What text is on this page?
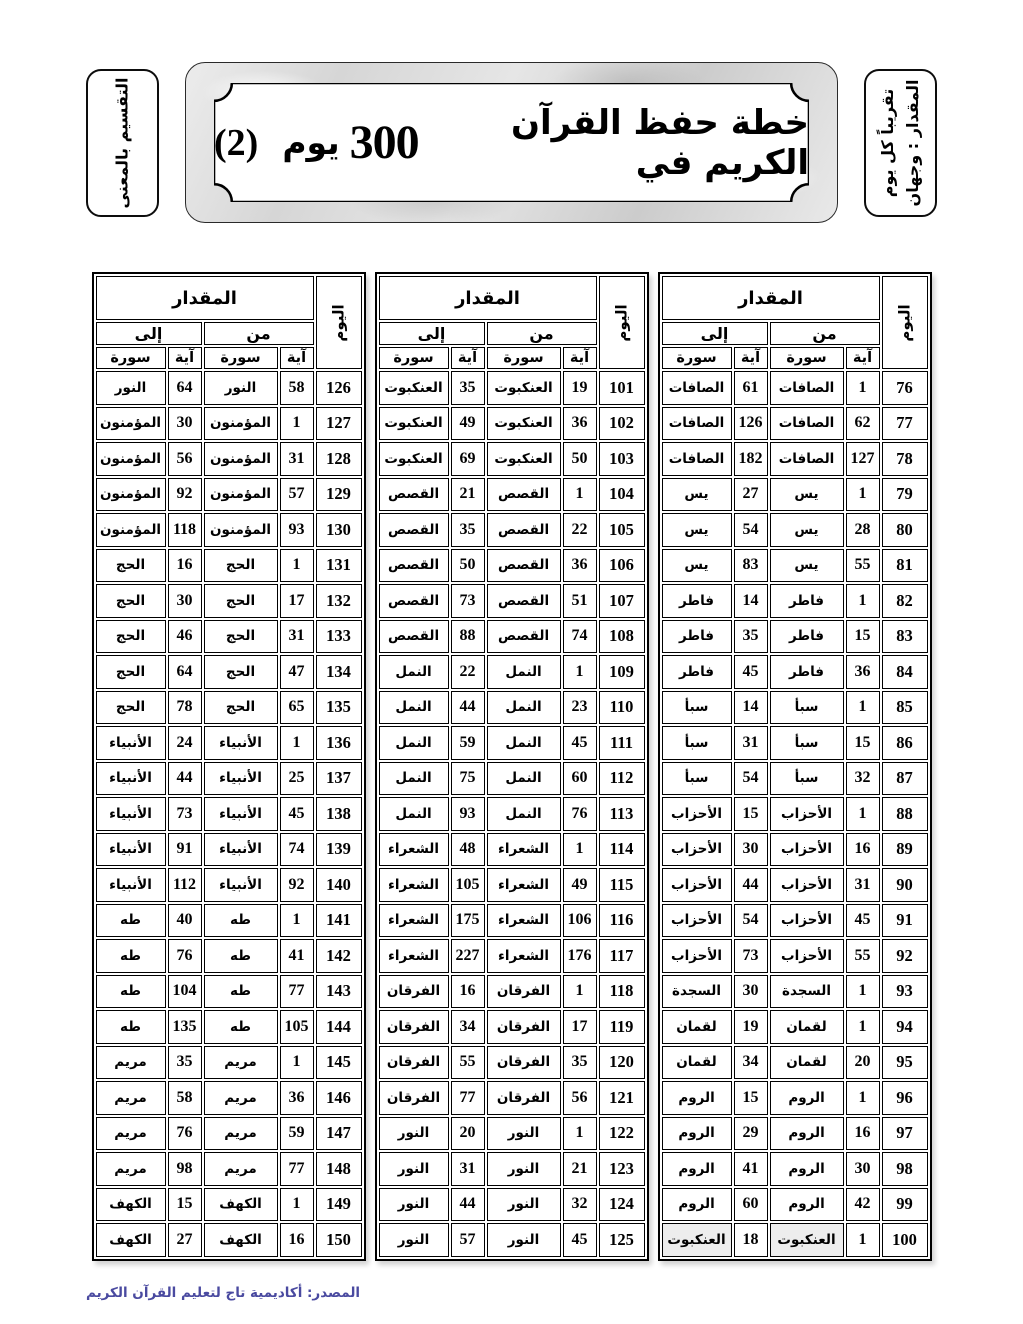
تقريباً كل يوم المقدار : وجهان
خطة حفظ القرآن الكريم في
300
يوم
(2)
التقسيم بالمعنى
المقدار
اليوم
من
إلى
آية
سورة
آية
سورة
76
1
الصافات
61
الصافات
77
62
الصافات
126
الصافات
78
127
الصافات
182
الصافات
79
1
يس
27
يس
80
28
يس
54
يس
81
55
يس
83
يس
82
1
فاطر
14
فاطر
83
15
فاطر
35
فاطر
84
36
فاطر
45
فاطر
85
1
سبأ
14
سبأ
86
15
سبأ
31
سبأ
87
32
سبأ
54
سبأ
88
1
الأحزاب
15
الأحزاب
89
16
الأحزاب
30
الأحزاب
90
31
الأحزاب
44
الأحزاب
91
45
الأحزاب
54
الأحزاب
92
55
الأحزاب
73
الأحزاب
93
1
السجدة
30
السجدة
94
1
لقمان
19
لقمان
95
20
لقمان
34
لقمان
96
1
الروم
15
الروم
97
16
الروم
29
الروم
98
30
الروم
41
الروم
99
42
الروم
60
الروم
100
1
العنكبوت
18
العنكبوت
المقدار
اليوم
من
إلى
آية
سورة
آية
سورة
101
19
العنكبوت
35
العنكبوت
102
36
العنكبوت
49
العنكبوت
103
50
العنكبوت
69
العنكبوت
104
1
القصص
21
القصص
105
22
القصص
35
القصص
106
36
القصص
50
القصص
107
51
القصص
73
القصص
108
74
القصص
88
القصص
109
1
النمل
22
النمل
110
23
النمل
44
النمل
111
45
النمل
59
النمل
112
60
النمل
75
النمل
113
76
النمل
93
النمل
114
1
الشعراء
48
الشعراء
115
49
الشعراء
105
الشعراء
116
106
الشعراء
175
الشعراء
117
176
الشعراء
227
الشعراء
118
1
الفرقان
16
الفرقان
119
17
الفرقان
34
الفرقان
120
35
الفرقان
55
الفرقان
121
56
الفرقان
77
الفرقان
122
1
النور
20
النور
123
21
النور
31
النور
124
32
النور
44
النور
125
45
النور
57
النور
المقدار
اليوم
من
إلى
آية
سورة
آية
سورة
126
58
النور
64
النور
127
1
المؤمنون
30
المؤمنون
128
31
المؤمنون
56
المؤمنون
129
57
المؤمنون
92
المؤمنون
130
93
المؤمنون
118
المؤمنون
131
1
الحج
16
الحج
132
17
الحج
30
الحج
133
31
الحج
46
الحج
134
47
الحج
64
الحج
135
65
الحج
78
الحج
136
1
الأنبياء
24
الأنبياء
137
25
الأنبياء
44
الأنبياء
138
45
الأنبياء
73
الأنبياء
139
74
الأنبياء
91
الأنبياء
140
92
الأنبياء
112
الأنبياء
141
1
طه
40
طه
142
41
طه
76
طه
143
77
طه
104
طه
144
105
طه
135
طه
145
1
مريم
35
مريم
146
36
مريم
58
مريم
147
59
مريم
76
مريم
148
77
مريم
98
مريم
149
1
الكهف
15
الكهف
150
16
الكهف
27
الكهف
المصدر: أكاديمية تاج لتعليم القرآن الكريم
